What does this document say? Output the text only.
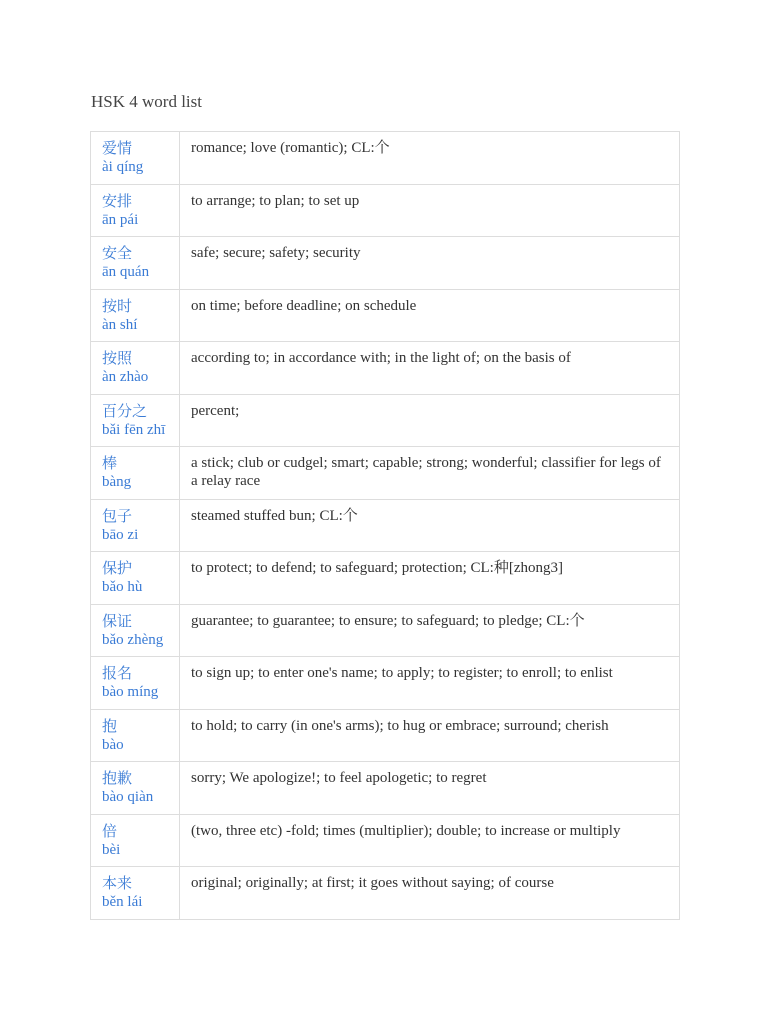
HSK 4 word list
爱情
ài qíng	romance; love (romantic); CL:个

安排
ān pái	to arrange; to plan; to set up

安全
ān quán	safe; secure; safety; security

按时
àn shí	on time; before deadline; on schedule

按照
àn zhào	according to; in accordance with; in the light of; on the basis of

百分之
bǎi fēn zhī	percent;

棒
bàng	a stick; club or cudgel; smart; capable; strong; wonderful; classifier for legs of a relay race

包子
bāo zi	steamed stuffed bun; CL:个

保护
bǎo hù	to protect; to defend; to safeguard; protection; CL:种[zhong3]

保证
bǎo zhèng	guarantee; to guarantee; to ensure; to safeguard; to pledge; CL:个

报名
bào míng	to sign up; to enter one's name; to apply; to register; to enroll; to enlist

抱
bào	to hold; to carry (in one's arms); to hug or embrace; surround; cherish

抱歉
bào qiàn	sorry; We apologize!; to feel apologetic; to regret

倍
bèi	(two, three etc) -fold; times (multiplier); double; to increase or multiply

本来
běn lái	original; originally; at first; it goes without saying; of course
